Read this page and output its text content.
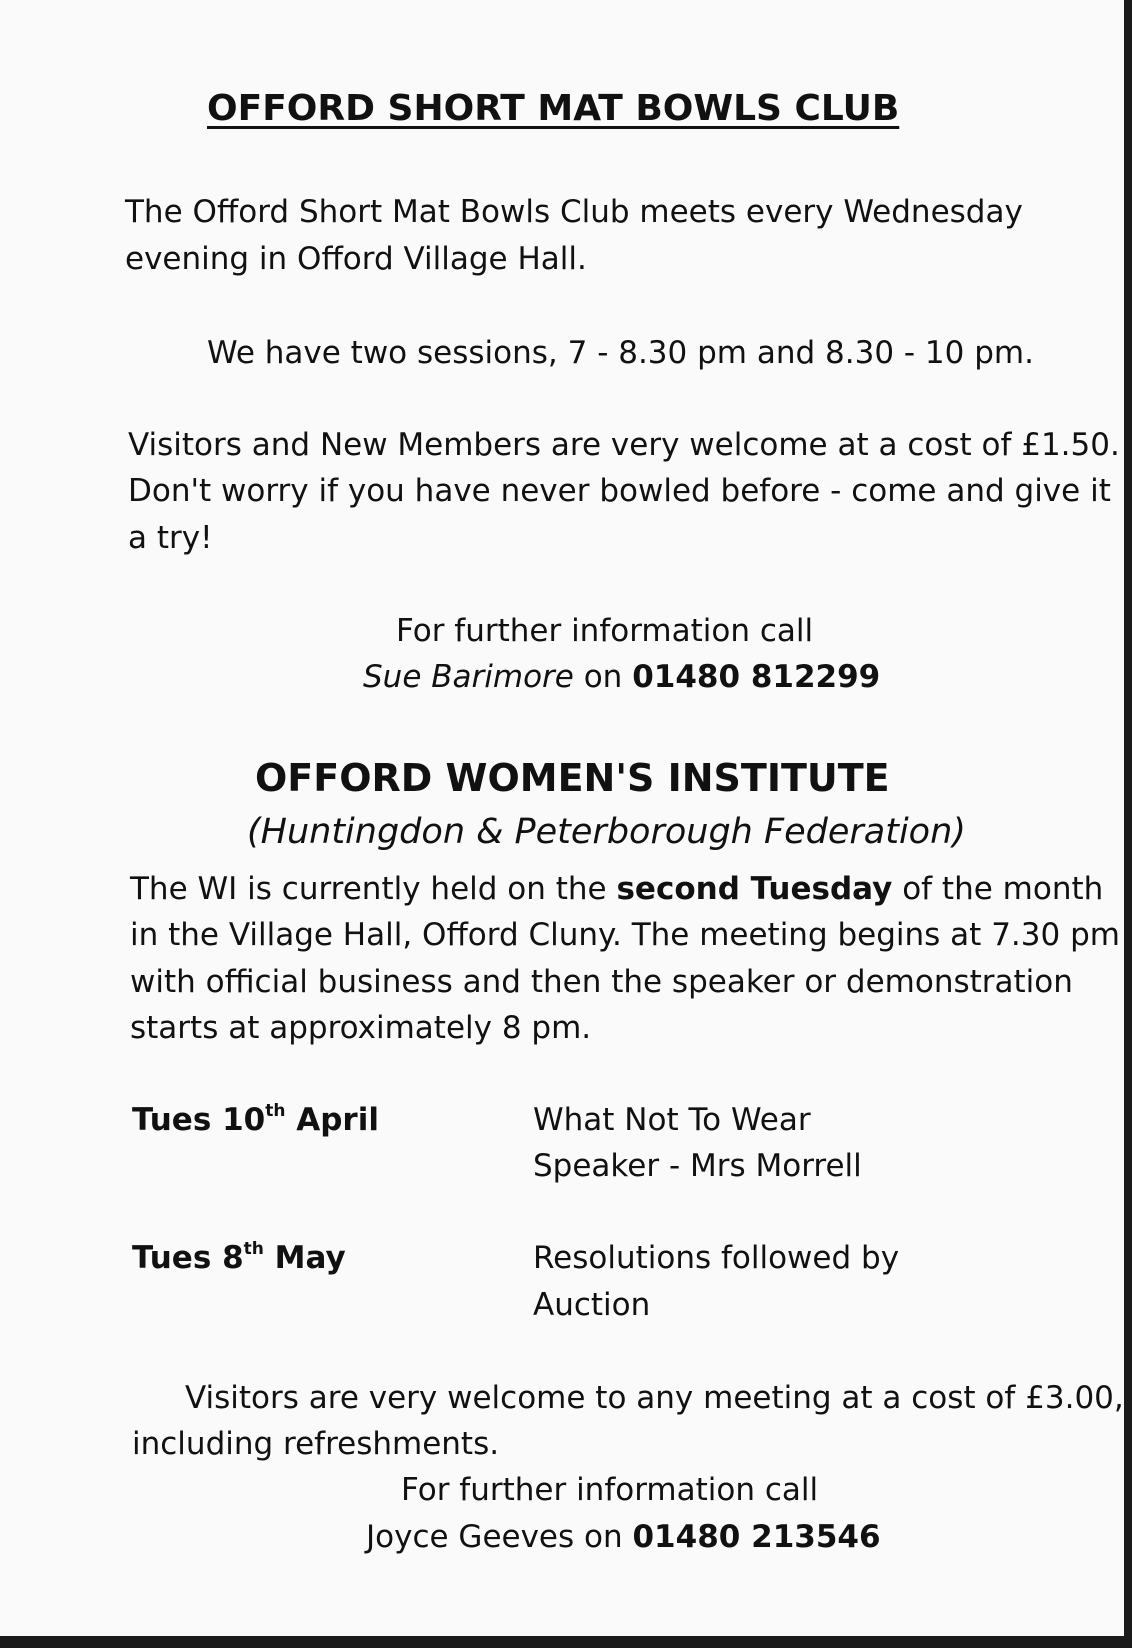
OFFORD SHORT MAT BOWLS CLUB
The Offord Short Mat Bowls Club meets every Wednesday
evening in Offord Village Hall.
We have two sessions, 7 - 8.30 pm and 8.30 - 10 pm.
Visitors and New Members are very welcome at a cost of £1.50.
Don't worry if you have never bowled before - come and give it
a try!
For further information call
Sue Barimore on 01480 812299
OFFORD WOMEN'S INSTITUTE
(Huntingdon & Peterborough Federation)
The WI is currently held on the second Tuesday of the month
in the Village Hall, Offord Cluny. The meeting begins at 7.30 pm
with official business and then the speaker or demonstration
starts at approximately 8 pm.
Tues 10th April	What Not To Wear
Speaker - Mrs Morrell
Tues 8th May	Resolutions followed by
Auction
Visitors are very welcome to any meeting at a cost of £3.00,
including refreshments.
For further information call
Joyce Geeves on 01480 213546
